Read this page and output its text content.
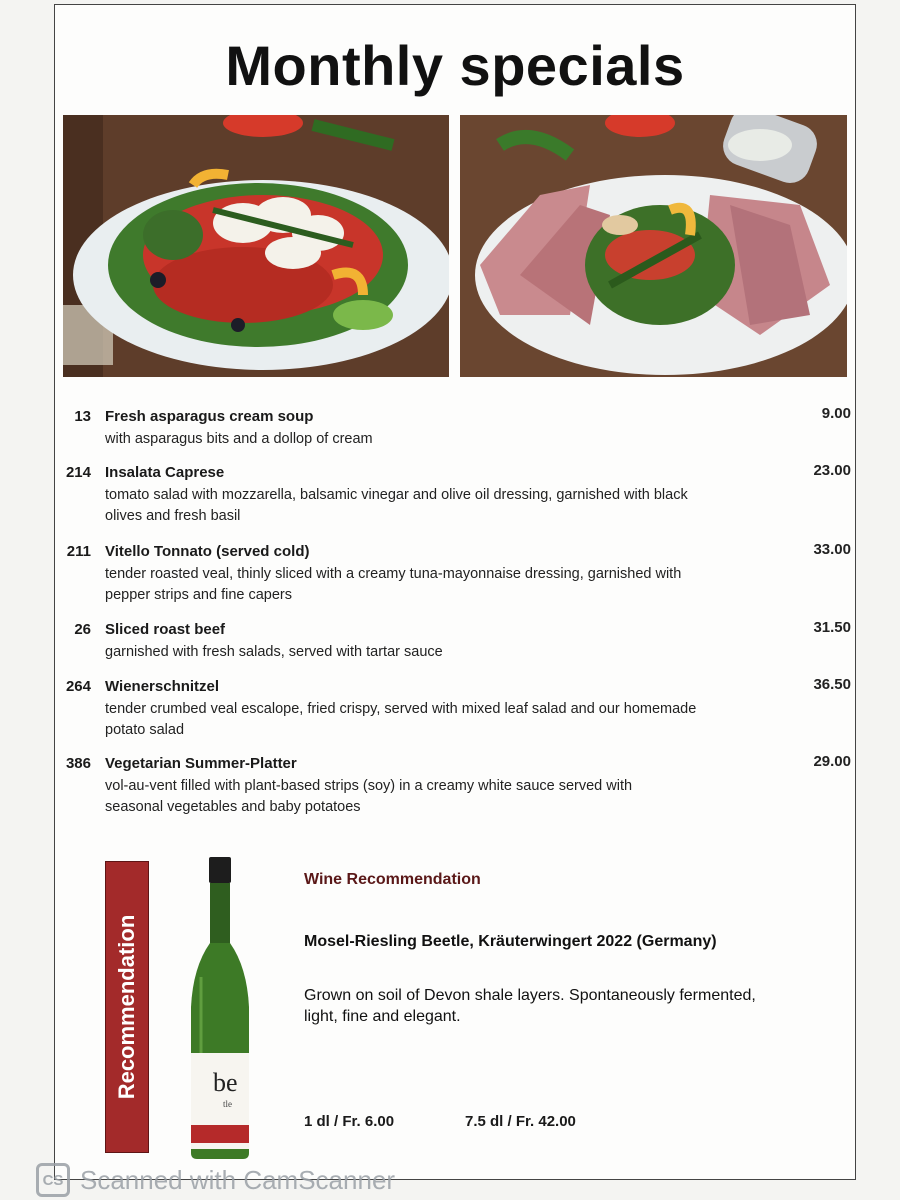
Monthly specials
13 Fresh asparagus cream soup	9.00
with asparagus bits and a dollop of cream
214 Insalata Caprese	23.00
tomato salad with mozzarella, balsamic vinegar and olive oil dressing, garnished with black olives and fresh basil
211 Vitello Tonnato (served cold)	33.00
tender roasted veal, thinly sliced with a creamy tuna-mayonnaise dressing, garnished with pepper strips and fine capers
26 Sliced roast beef	31.50
garnished with fresh salads, served with tartar sauce
264 Wienerschnitzel	36.50
tender crumbed veal escalope, fried crispy, served with mixed leaf salad and our homemade potato salad
386 Vegetarian Summer-Platter	29.00
vol-au-vent filled with plant-based strips (soy) in a creamy white sauce served with seasonal vegetables and baby potatoes
Recommendation	be
tle
Wine Recommendation
Mosel-Riesling Beetle, Kräuterwingert 2022 (Germany)
Grown on soil of Devon shale layers. Spontaneously fermented, light, fine and elegant.
1 dl / Fr. 6.00	7.5 dl / Fr. 42.00
CS Scanned with CamScanner
